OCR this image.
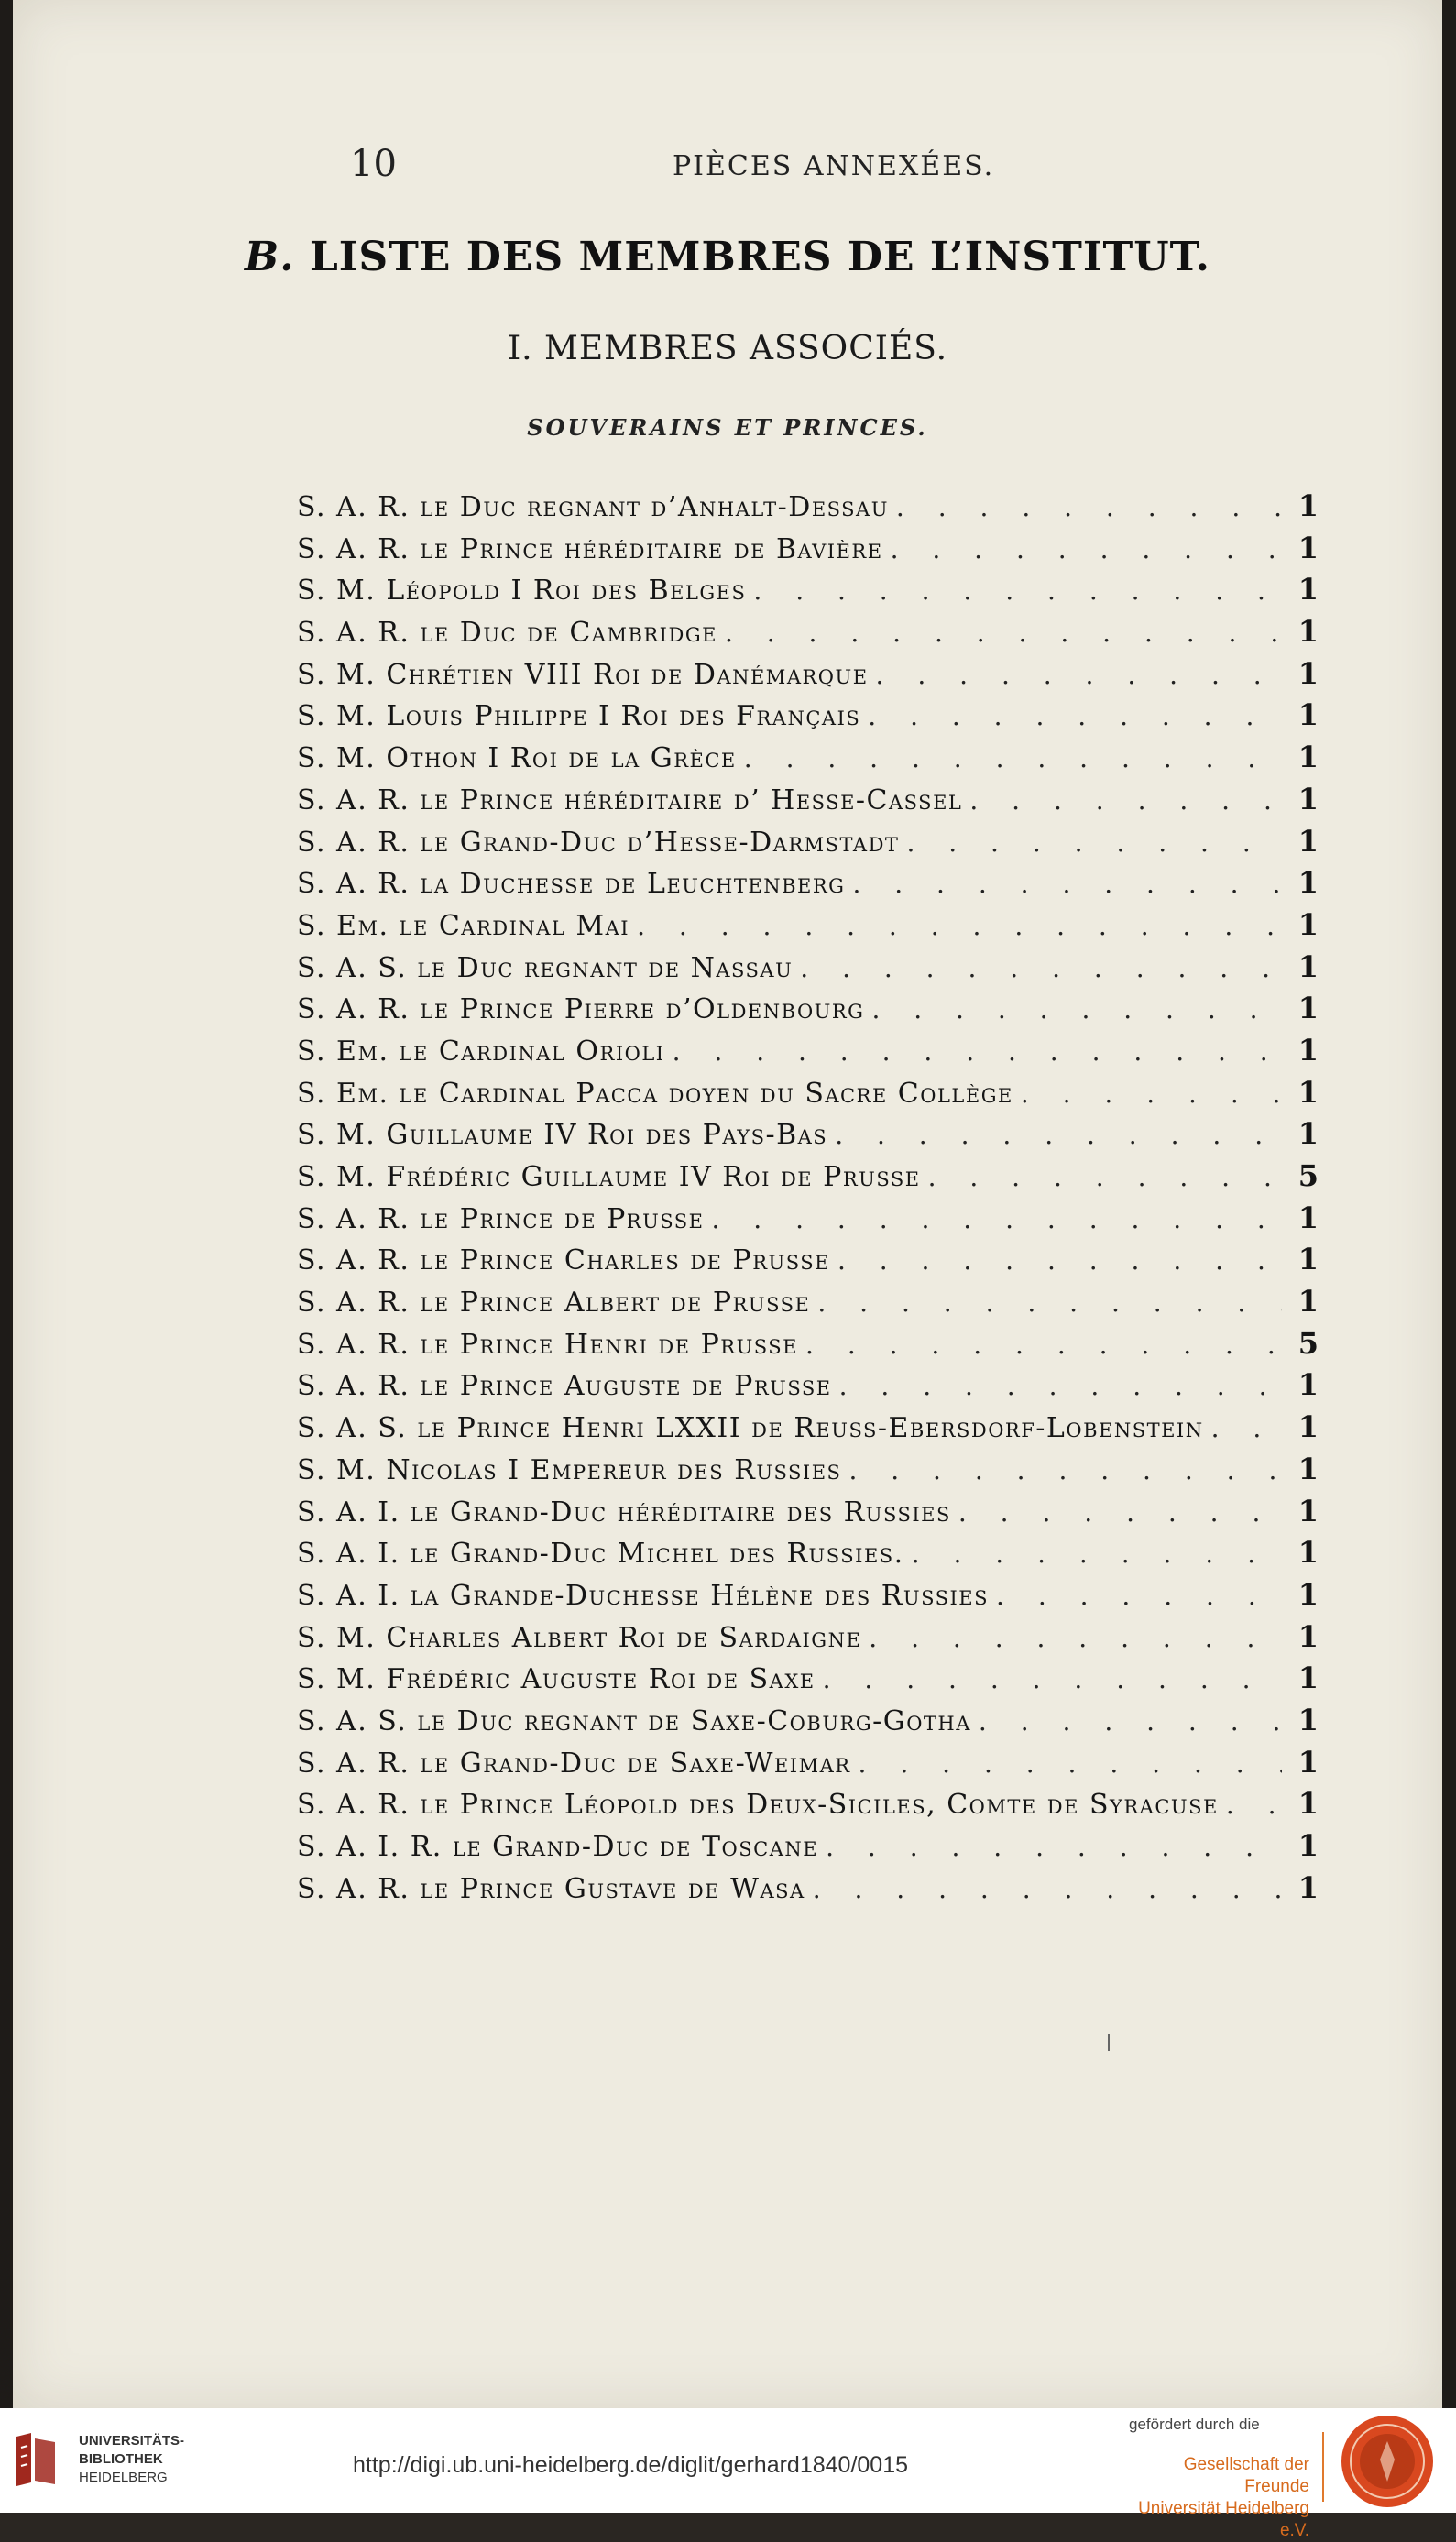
10	PIÈCES ANNEXÉES.
B. LISTE DES MEMBRES DE L’INSTITUT.
I. MEMBRES ASSOCIÉS.
SOUVERAINS ET PRINCES.
S. A. R. le Duc regnant d’Anhalt-Dessau . . .	1
S. A. R. le Prince héréditaire de Bavière . . .	1
S. M. Léopold I Roi des Belges . . .	1
S. A. R. le Duc de Cambridge . . .	1
S. M. Chrétien VIII Roi de Danémarque . . .	1
S. M. Louis Philippe I Roi des Français . . .	1
S. M. Othon I Roi de la Grèce . . .	1
S. A. R. le Prince héréditaire d’ Hesse-Cassel . . .	1
S. A. R. le Grand-Duc d’Hesse-Darmstadt . . .	1
S. A. R. la Duchesse de Leuchtenberg . . .	1
S. Em. le Cardinal Mai . . .	1
S. A. S. le Duc regnant de Nassau . . .	1
S. A. R. le Prince Pierre d’Oldenbourg . . .	1
S. Em. le Cardinal Orioli . . .	1
S. Em. le Cardinal Pacca doyen du Sacre Collège . . .	1
S. M. Guillaume IV Roi des Pays-Bas . . .	1
S. M. Frédéric Guillaume IV Roi de Prusse . . .	5
S. A. R. le Prince de Prusse . . .	1
S. A. R. le Prince Charles de Prusse . . .	1
S. A. R. le Prince Albert de Prusse . . .	1
S. A. R. le Prince Henri de Prusse . . .	5
S. A. R. le Prince Auguste de Prusse . . .	1
S. A. S. le Prince Henri LXXII de Reuss-Ebersdorf-Lobenstein . . .	1
S. M. Nicolas I Empereur des Russies . . .	1
S. A. I. le Grand-Duc héréditaire des Russies . . .	1
S. A. I. le Grand-Duc Michel des Russies. . . .	1
S. A. I. la Grande-Duchesse Hélène des Russies . . .	1
S. M. Charles Albert Roi de Sardaigne . . .	1
S. M. Frédéric Auguste Roi de Saxe . . .	1
S. A. S. le Duc regnant de Saxe-Coburg-Gotha . . .	1
S. A. R. le Grand-Duc de Saxe-Weimar . . .	1
S. A. R. le Prince Léopold des Deux-Siciles, Comte de Syracuse . . .	1
S. A. I. R. le Grand-Duc de Toscane . . .	1
S. A. R. le Prince Gustave de Wasa . . .	1
UNIVERSITÄTS-
BIBLIOTHEK
HEIDELBERG	http://digi.ub.uni-heidelberg.de/diglit/gerhard1840/0015
gefördert durch die
Gesellschaft der Freunde
Universität Heidelberg e.V.
